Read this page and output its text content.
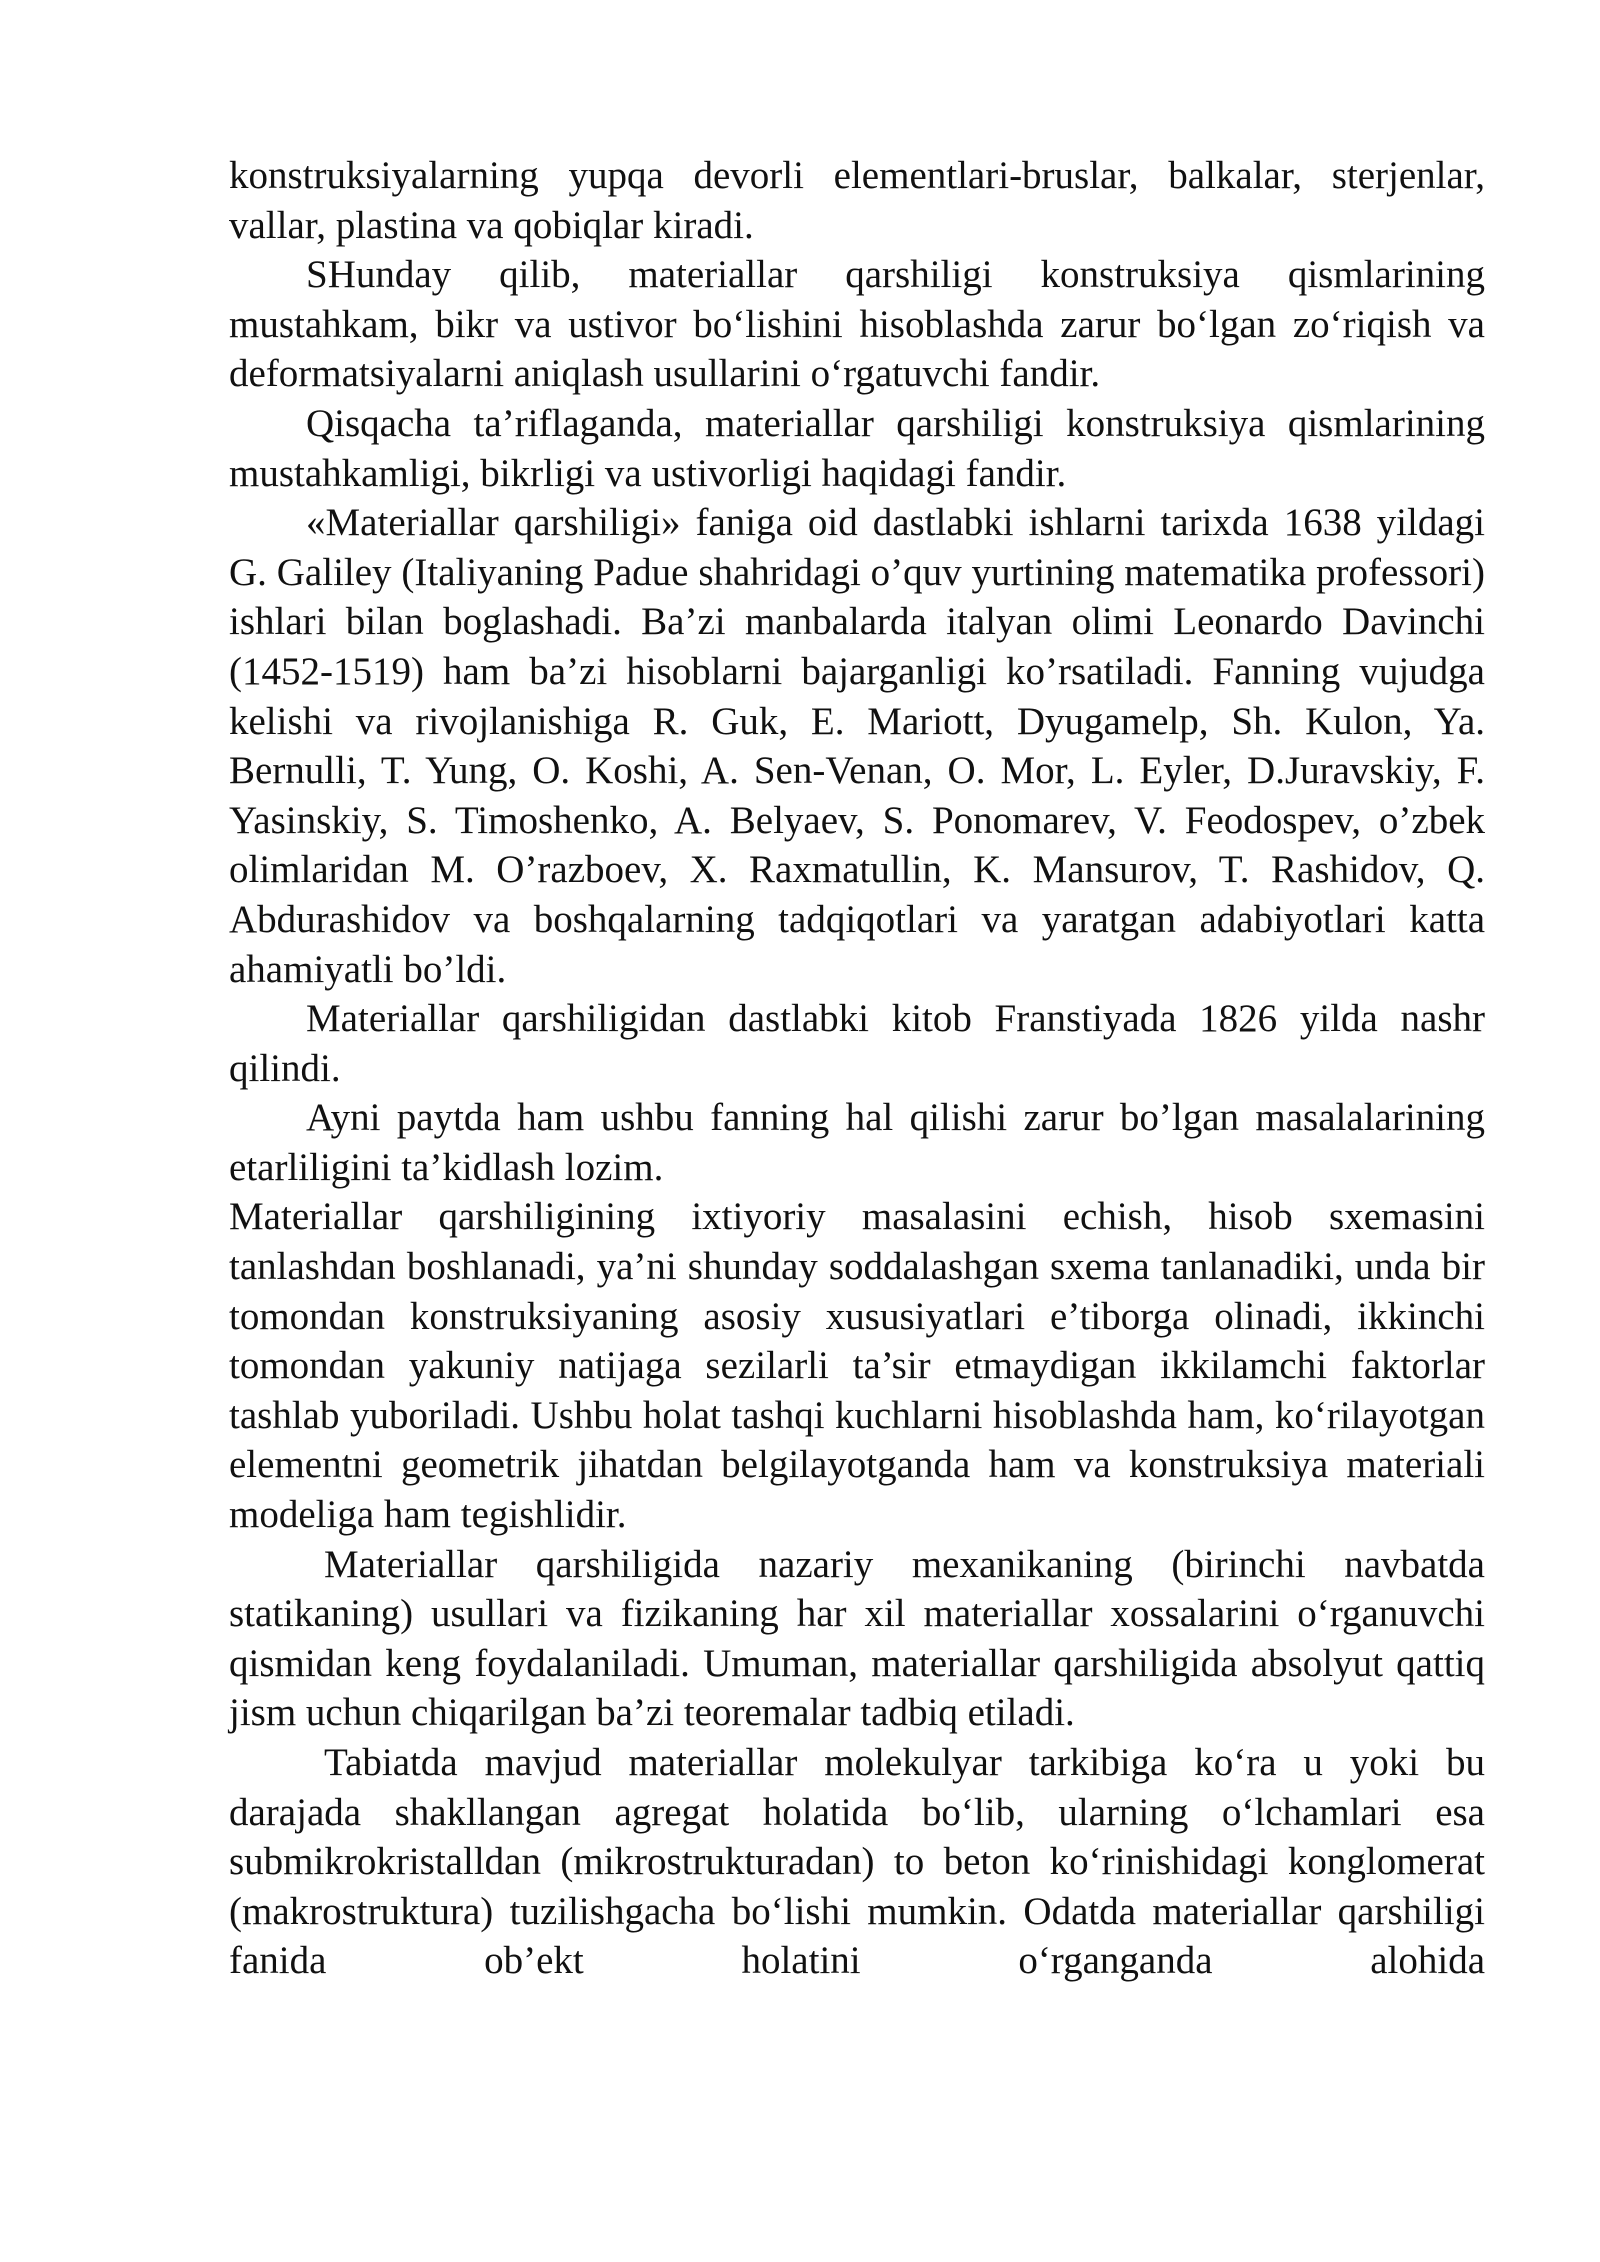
konstruksiyalarning yupqa devorli elementlari-bruslar, balkalar, sterjenlar, vallar, plastina va qobiqlar kiradi.

SHunday qilib, materiallar qarshiligi konstruksiya qismlarining mustahkam, bikr va ustivor bo‘lishini hisoblashda zarur bo‘lgan zo‘riqish va deformatsiyalarni aniqlash usullarini o‘rgatuvchi fandir.

Qisqacha ta’riflaganda, materiallar qarshiligi konstruksiya qismlarining mustahkamligi, bikrligi va ustivorligi haqidagi fandir.

«Materiallar qarshiligi» faniga oid dastlabki ishlarni tarixda 1638 yildagi G. Galiley (Italiyaning Padue shahridagi o’quv yurtining matematika professori) ishlari bilan boglashadi. Ba’zi manbalarda italyan olimi Leonardo Davinchi (1452-1519) ham ba’zi hisoblarni bajarganligi ko’rsatiladi. Fanning vujudga kelishi va rivojlanishiga R. Guk, E. Mariott, Dyugamelp, Sh. Kulon, Ya. Bernulli, T. Yung, O. Koshi, A. Sen-Venan, O. Mor, L. Eyler, D.Juravskiy, F. Yasinskiy, S. Timoshenko, A. Belyaev, S. Ponomarev, V. Feodospev, o’zbek olimlaridan M. O’razboev, X. Raxmatullin, K. Mansurov, T. Rashidov, Q. Abdurashidov va boshqalarning tadqiqotlari va yaratgan adabiyotlari katta ahamiyatli bo’ldi.

Materiallar qarshiligidan dastlabki kitob Franstiyada 1826 yilda nashr qilindi.

Ayni paytda ham ushbu fanning hal qilishi zarur bo’lgan masalalarining etarliligini ta’kidlash lozim.

Materiallar qarshiligining ixtiyoriy masalasini echish, hisob sxemasini tanlashdan boshlanadi, ya’ni shunday soddalashgan sxema tanlanadiki, unda bir tomondan konstruksiyaning asosiy xususiyatlari e’tiborga olinadi, ikkinchi tomondan yakuniy natijaga sezilarli ta’sir etmaydigan ikkilamchi faktorlar tashlab yuboriladi. Ushbu holat tashqi kuchlarni hisoblashda ham, ko‘rilayotgan elementni geometrik jihatdan belgilayotganda ham va konstruksiya materiali modeliga ham tegishlidir.

Materiallar qarshiligida nazariy mexanikaning (birinchi navbatda statikaning) usullari va fizikaning har xil materiallar xossalarini o‘rganuvchi qismidan keng foydalaniladi. Umuman, materiallar qarshiligida absolyut qattiq jism uchun chiqarilgan ba’zi teoremalar tadbiq etiladi.

Tabiatda mavjud materiallar molekulyar tarkibiga ko‘ra u yoki bu darajada shakllangan agregat holatida bo‘lib, ularning o‘lchamlari esa submikrokristalldan (mikrostrukturadan) to beton ko‘rinishidagi konglomerat (makrostruktura) tuzilishgacha bo‘lishi mumkin. Odatda materiallar qarshiligi fanida ob’ekt holatini o‘rganganda alohida
